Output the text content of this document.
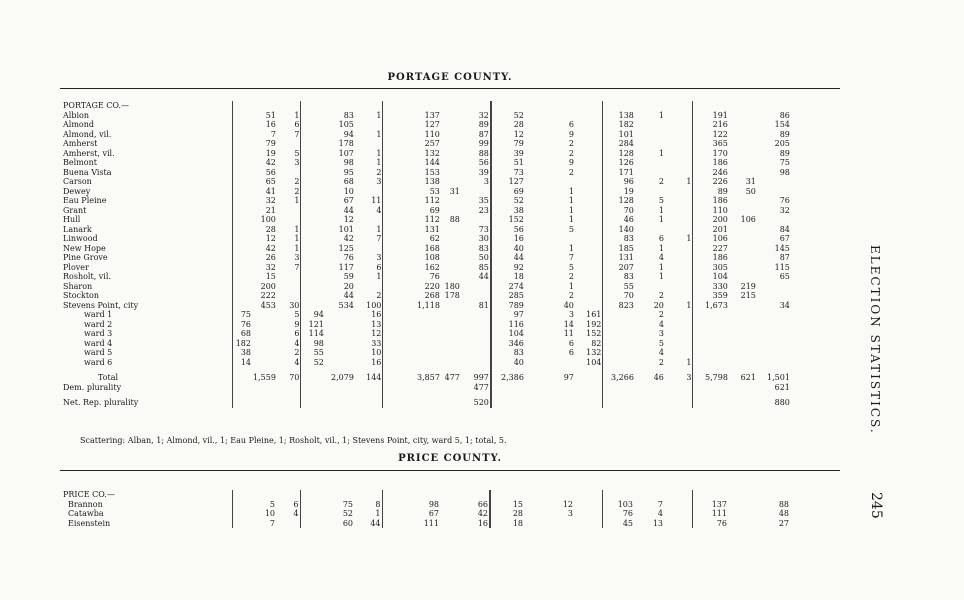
PORTAGE COUNTY.
PORTAGE CO.—																			
Albion		51	1		83	1		137		32	52			138	1		191		86
Almond		16	6		105			127		89	28	6		182			216		154
Almond, vil.		7	7		94	1		110		87	12	9		101			122		89
Amherst		79			178			257		99	79	2		284			365		205
Amherst, vil.		19	5		107	1		132		88	39	2		128	1		170		89
Belmont		42	3		98	1		144		56	51	9		126			186		75
Buena Vista		56			95	2		153		39	73	2		171			246		98
Carson		65	2		68	3		138		3	127			96	2	1	226	31	
Dewey		41	2		10			53	31		69	1		19			89	50	
Eau Pleine		32	1		67	11		112		35	52	1		128	5		186		76
Grant		21			44	4		69		23	38	1		70	1		110		32
Hull		100			12			112	88		152	1		46	1		200	106	
Lanark		28	1		101	1		131		73	56	5		140			201		84
Linwood		12	1		42	7		62		30	16			83	6	1	106		67
New Hope		42	1		125			168		83	40	1		185	1		227		145
Pine Grove		26	3		76	3		108		50	44	7		131	4		186		87
Plover		32	7		117	6		162		85	92	5		207	1		305		115
Rosholt, vil.		15			59	1		76		44	18	2		83	1		104		65
Sharon		200			20			220	180		274	1		55			330	219	
Stockton		222			44	2		268	178		285	2		70	2		359	215	
Stevens Point, city		453	30		534	100		1,118		81	789	40		823	20	1	1,673		34
ward 1	75		5	94		16					97	3	161		2				
ward 2	76		9	121		13					116	14	192		4				
ward 3	68		6	114		12					104	11	152		3				
ward 4	182		4	98		33					346	6	82		5				
ward 5	38		2	55		10					83	6	132		4				
ward 6	14		4	52		16					40		104		2	1			
Total		1,559	70		2,079	144		3,857	477	997	2,386	97		3,266	46	3	5,798	621	1,501
Dem. plurality										477									621
Net. Rep. plurality										520									880
Scattering: Alban, 1; Almond, vil., 1; Eau Pleine, 1; Rosholt, vil., 1; Stevens Point, city, ward 5, 1; total, 5.
PRICE COUNTY.
PRICE CO.—																			
Brannon		5	6		75	8		98		66	15	12		103	7		137		88
Catawba		10	4		52	1		67		42	28	3		76	4		111		48
Eisenstein		7			60	44		111		16	18			45	13		76		27
ELECTION STATISTICS.
245
